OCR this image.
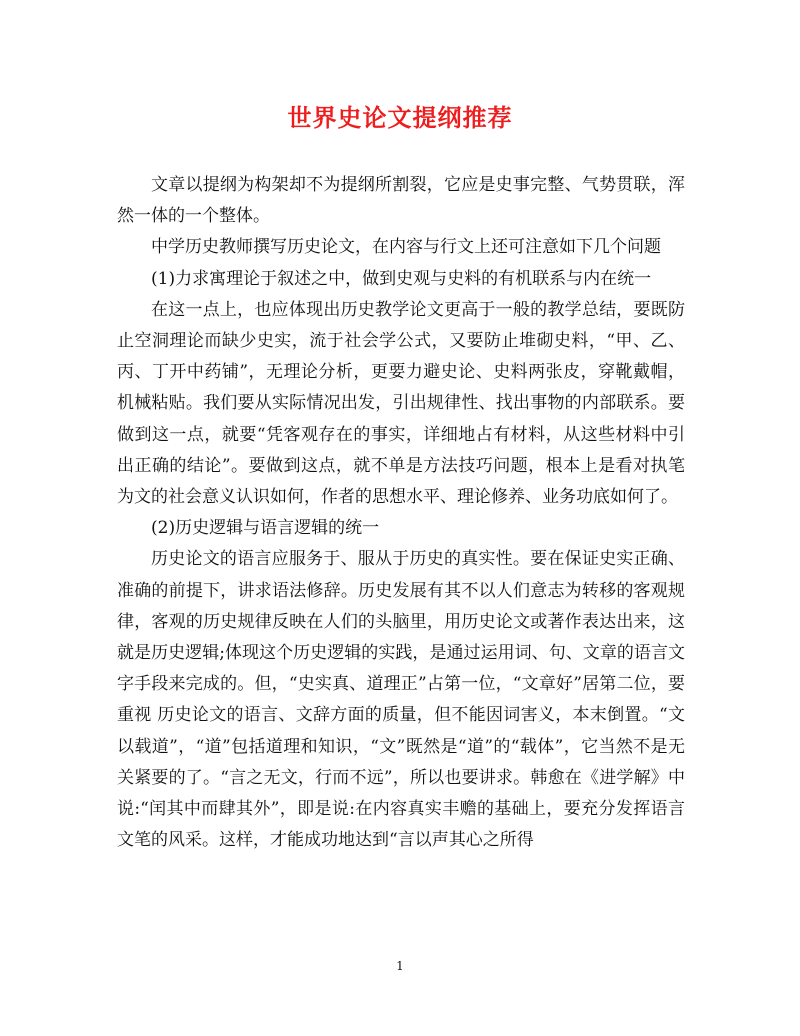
世界史论文提纲推荐

文章以提纲为构架却不为提纲所割裂，它应是史事完整、气势贯联，浑然一体的一个整体。

中学历史教师撰写历史论文，在内容与行文上还可注意如下几个问题

(1)力求寓理论于叙述之中，做到史观与史料的有机联系与内在统一

在这一点上，也应体现出历史教学论文更高于一般的教学总结，要既防止空洞理论而缺少史实，流于社会学公式，又要防止堆砌史料，“甲、乙、丙、丁开中药铺”，无理论分析，更要力避史论、史料两张皮，穿靴戴帽，机械粘贴。我们要从实际情况出发，引出规律性、找出事物的内部联系。要做到这一点，就要“凭客观存在的事实，详细地占有材料，从这些材料中引出正确的结论”。要做到这点，就不单是方法技巧问题，根本上是看对执笔为文的社会意义认识如何，作者的思想水平、理论修养、业务功底如何了。

(2)历史逻辑与语言逻辑的统一

历史论文的语言应服务于、服从于历史的真实性。要在保证史实正确、准确的前提下，讲求语法修辞。历史发展有其不以人们意志为转移的客观规律，客观的历史规律反映在人们的头脑里，用历史论文或著作表达出来，这就是历史逻辑;体现这个历史逻辑的实践，是通过运用词、句、文章的语言文字手段来完成的。但，“史实真、道理正”占第一位，“文章好”居第二位，要重视 历史论文的语言、文辞方面的质量，但不能因词害义，本末倒置。“文以载道”，“道”包括道理和知识，“文”既然是“道”的“载体”，它当然不是无关紧要的了。“言之无文，行而不远”，所以也要讲求。韩愈在《进学解》中说:“闰其中而肆其外”，即是说:在内容真实丰赡的基础上，要充分发挥语言文笔的风采。这样，才能成功地达到“言以声其心之所得

1
